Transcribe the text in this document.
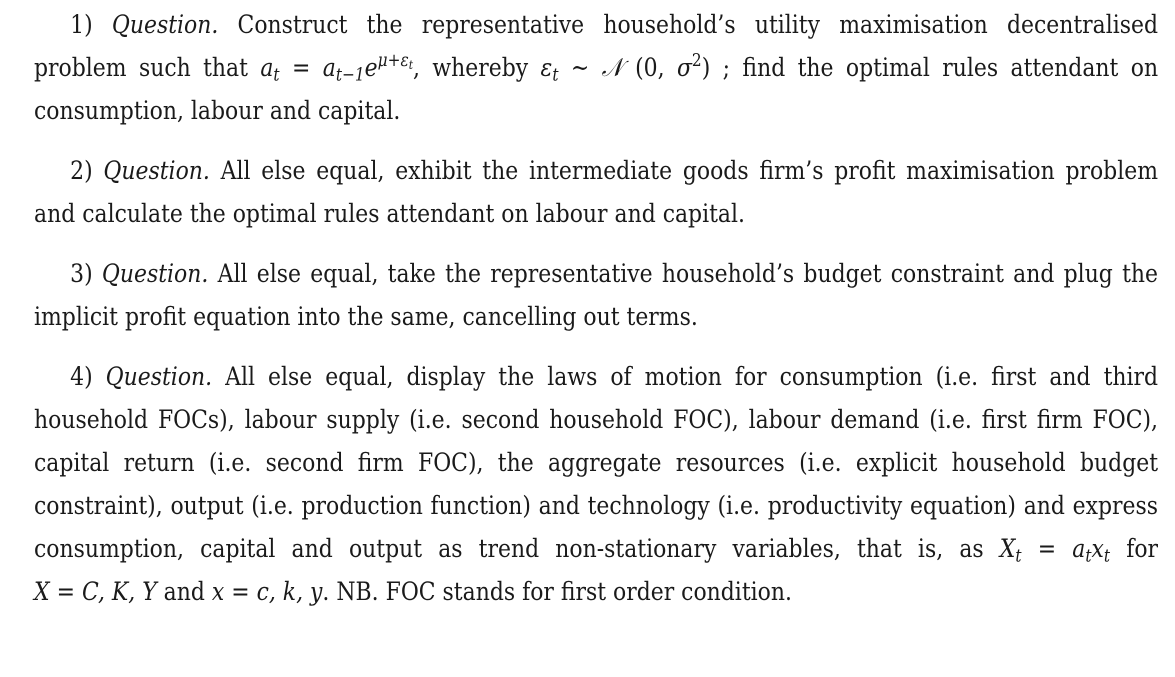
1) Question. Construct the representative household’s utility maximisation decentralised problem such that $a_t = a_{t-1}e^{\mu+\varepsilon_t}$, whereby $\varepsilon_t$ ∼ 𝒩 (0, $\sigma^2$) ; find the optimal rules attendant on consumption, labour and capital.

2) Question. All else equal, exhibit the intermediate goods firm’s profit maximisation problem and calculate the optimal rules attendant on labour and capital.

3) Question. All else equal, take the representative household’s budget constraint and plug the implicit profit equation into the same, cancelling out terms.

4) Question. All else equal, display the laws of motion for consumption (i.e. first and third household FOCs), labour supply (i.e. second household FOC), labour demand (i.e. first firm FOC), capital return (i.e. second firm FOC), the aggregate resources (i.e. explicit household budget constraint), output (i.e. production function) and technology (i.e. productivity equation) and express consumption, capital and output as trend non-stationary variables, that is, as $X_t = a_tx_t$ for X = C, K, Y and x = c, k, y. NB. FOC stands for first order condition.
